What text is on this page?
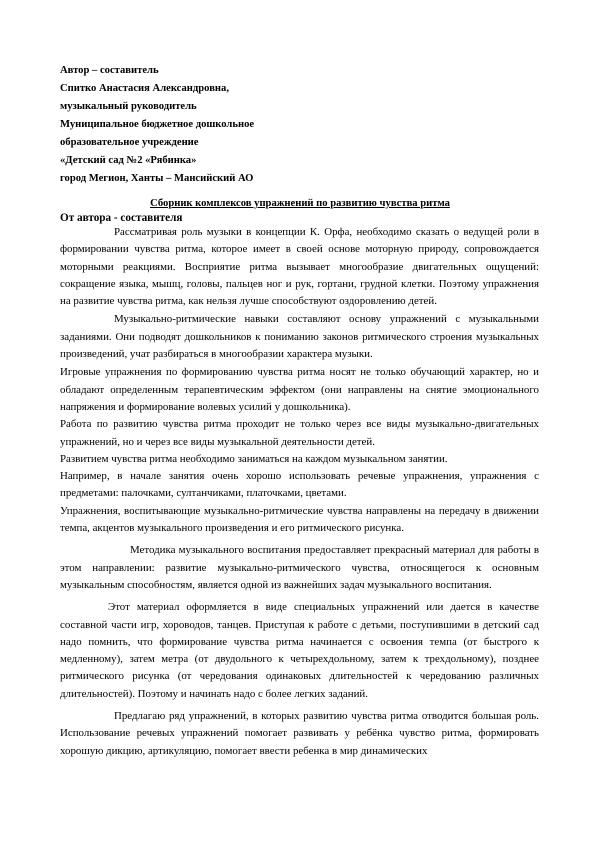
Автор – составитель
Спитко Анастасия Александровна,
музыкальный руководитель
Муниципальное бюджетное дошкольное
образовательное учреждение
«Детский сад №2 «Рябинка»
город Мегион, Ханты – Мансийский АО
Сборник комплексов упражнений по развитию чувства ритма
От автора - составителя

Рассматривая роль музыки в концепции К. Орфа, необходимо сказать о ведущей роли в формировании чувства ритма, которое имеет в своей основе моторную природу, сопровождается моторными реакциями. Восприятие ритма вызывает многообразие двигательных ощущений: сокращение языка, мышц, головы, пальцев ног и рук, гортани, грудной клетки. Поэтому упражнения на развитие чувства ритма, как нельзя лучше способствуют оздоровлению детей.

Музыкально-ритмические навыки составляют основу упражнений с музыкальными заданиями. Они подводят дошкольников к пониманию законов ритмического строения музыкальных произведений, учат разбираться в многообразии характера музыки.

Игровые упражнения по формированию чувства ритма носят не только обучающий характер, но и обладают определенным терапевтическим эффектом (они направлены на снятие эмоционального напряжения и формирование волевых усилий у дошкольника).

Работа по развитию чувства ритма проходит не только через все виды музыкально-двигательных упражнений, но и через все виды музыкальной деятельности детей.

Развитием чувства ритма необходимо заниматься на каждом музыкальном занятии.

Например, в начале занятия очень хорошо использовать речевые упражнения, упражнения с предметами: палочками, султанчиками, платочками, цветами.

Упражнения, воспитывающие музыкально-ритмические чувства направлены на передачу в движении темпа, акцентов музыкального произведения и его ритмического рисунка.

Методика музыкального воспитания предоставляет прекрасный материал для работы в этом направлении: развитие музыкально-ритмического чувства, относящегося к основным музыкальным способностям, является одной из важнейших задач музыкального воспитания.

Этот материал оформляется в виде специальных упражнений или дается в качестве составной части игр, хороводов, танцев. Приступая к работе с детьми, поступившими в детский сад надо помнить, что формирование чувства ритма начинается с освоения темпа (от быстрого к медленному), затем метра (от двудольного к четырехдольному, затем к трехдольному), позднее ритмического рисунка (от чередования одинаковых длительностей к чередованию различных длительностей). Поэтому и начинать надо с более легких заданий.

Предлагаю ряд упражнений, в которых развитию чувства ритма отводится большая роль. Использование речевых упражнений помогает развивать у ребёнка чувство ритма, формировать хорошую дикцию, артикуляцию, помогает ввести ребенка в мир динамических
